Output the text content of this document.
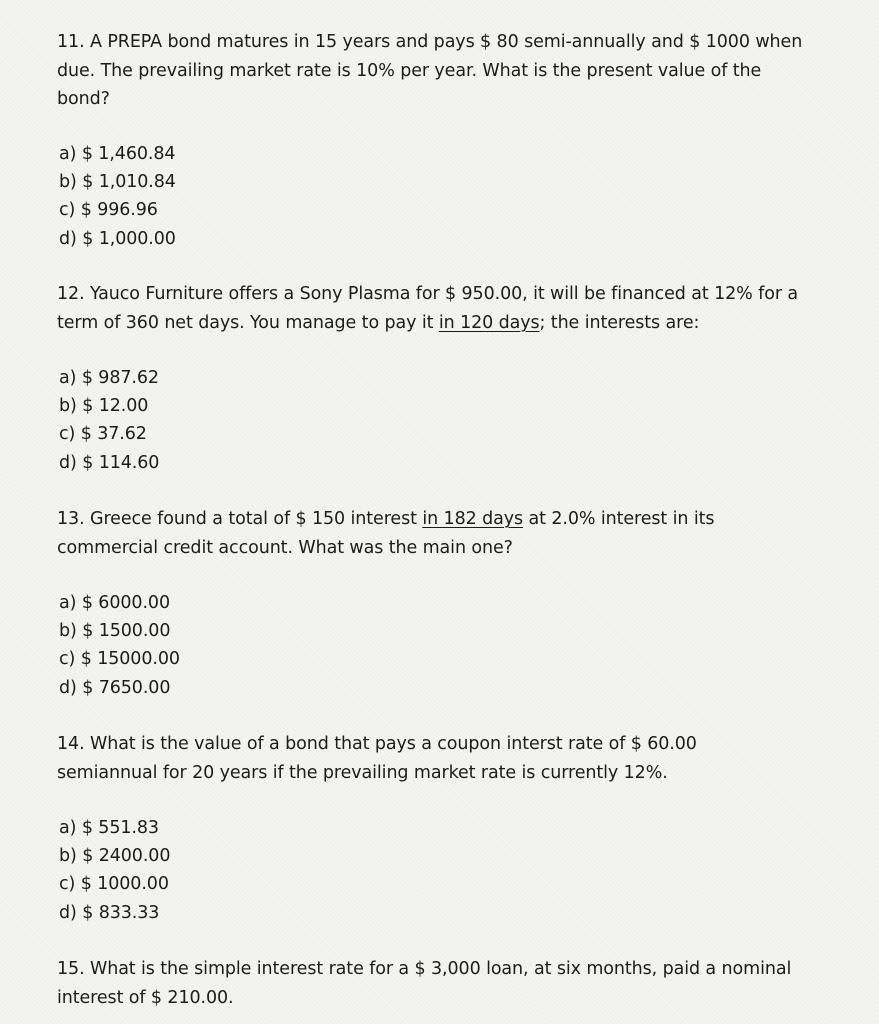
11. A PREPA bond matures in 15 years and pays $ 80 semi-annually and $ 1000 when due. The prevailing market rate is 10% per year. What is the present value of the bond?

a) $ 1,460.84
b) $ 1,010.84
c) $ 996.96
d) $ 1,000.00

12. Yauco Furniture offers a Sony Plasma for $ 950.00, it will be financed at 12% for a term of 360 net days. You manage to pay it in 120 days; the interests are:

a) $ 987.62
b) $ 12.00
c) $ 37.62
d) $ 114.60

13. Greece found a total of $ 150 interest in 182 days at 2.0% interest in its commercial credit account. What was the main one?

a) $ 6000.00
b) $ 1500.00
c) $ 15000.00
d) $ 7650.00

14. What is the value of a bond that pays a coupon interst rate of $ 60.00 semiannual for 20 years if the prevailing market rate is currently 12%.

a) $ 551.83
b) $ 2400.00
c) $ 1000.00
d) $ 833.33

15. What is the simple interest rate for a $ 3,000 loan, at six months, paid a nominal interest of $ 210.00.
